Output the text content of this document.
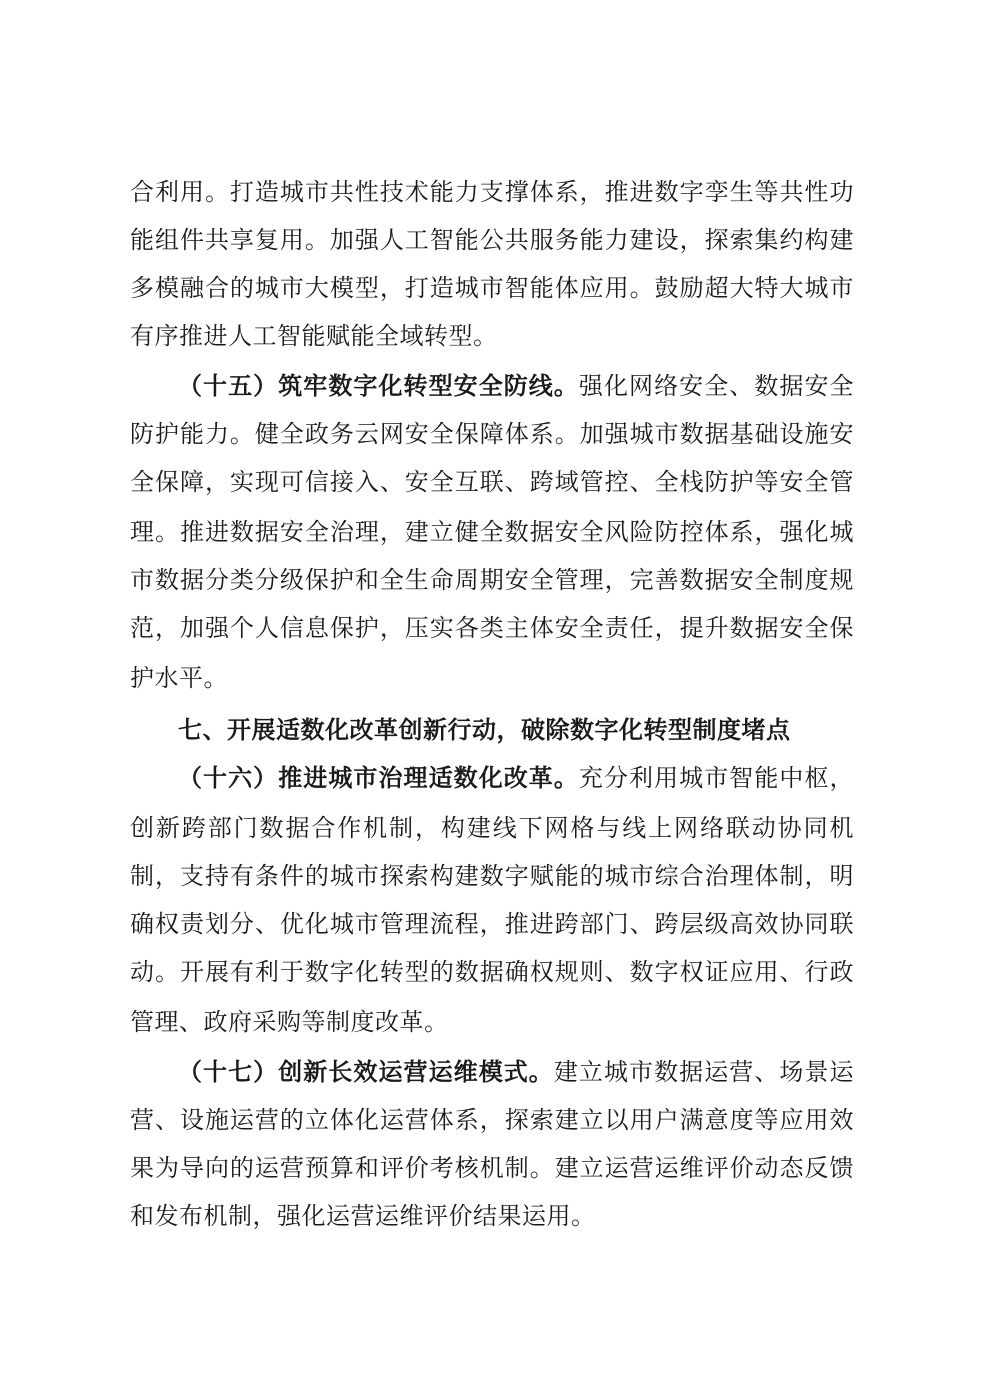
合利用。打造城市共性技术能力支撑体系，推进数字孪生等共性功
能组件共享复用。加强人工智能公共服务能力建设，探索集约构建
多模融合的城市大模型，打造城市智能体应用。鼓励超大特大城市
有序推进人工智能赋能全域转型。
（十五）筑牢数字化转型安全防线。强化网络安全、数据安全
防护能力。健全政务云网安全保障体系。加强城市数据基础设施安
全保障，实现可信接入、安全互联、跨域管控、全栈防护等安全管
理。推进数据安全治理，建立健全数据安全风险防控体系，强化城
市数据分类分级保护和全生命周期安全管理，完善数据安全制度规
范，加强个人信息保护，压实各类主体安全责任，提升数据安全保
护水平。
七、开展适数化改革创新行动，破除数字化转型制度堵点
（十六）推进城市治理适数化改革。充分利用城市智能中枢，
创新跨部门数据合作机制，构建线下网格与线上网络联动协同机
制，支持有条件的城市探索构建数字赋能的城市综合治理体制，明
确权责划分、优化城市管理流程，推进跨部门、跨层级高效协同联
动。开展有利于数字化转型的数据确权规则、数字权证应用、行政
管理、政府采购等制度改革。
（十七）创新长效运营运维模式。建立城市数据运营、场景运
营、设施运营的立体化运营体系，探索建立以用户满意度等应用效
果为导向的运营预算和评价考核机制。建立运营运维评价动态反馈
和发布机制，强化运营运维评价结果运用。
